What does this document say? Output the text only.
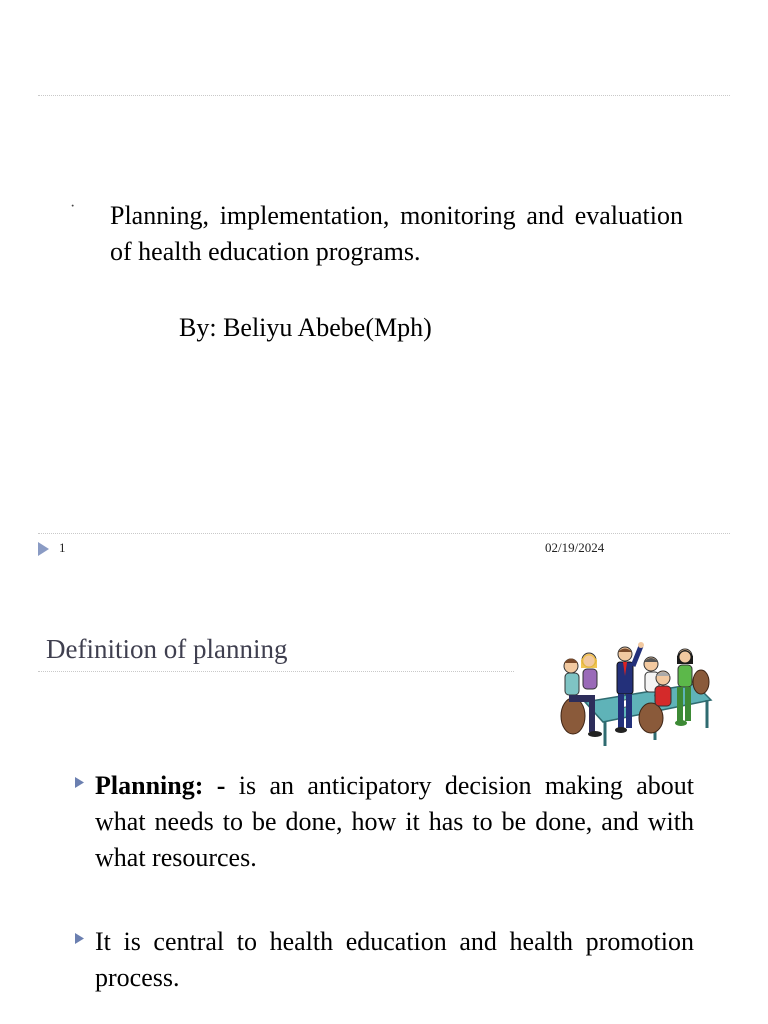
· Planning, implementation, monitoring and evaluation of health education programs.
By: Beliyu Abebe(Mph)
1	02/19/2024
Definition of planning
Planning: - is an anticipatory decision making about what needs to be done, how it has to be done, and with what resources.
It is central to health education and health promotion process.
